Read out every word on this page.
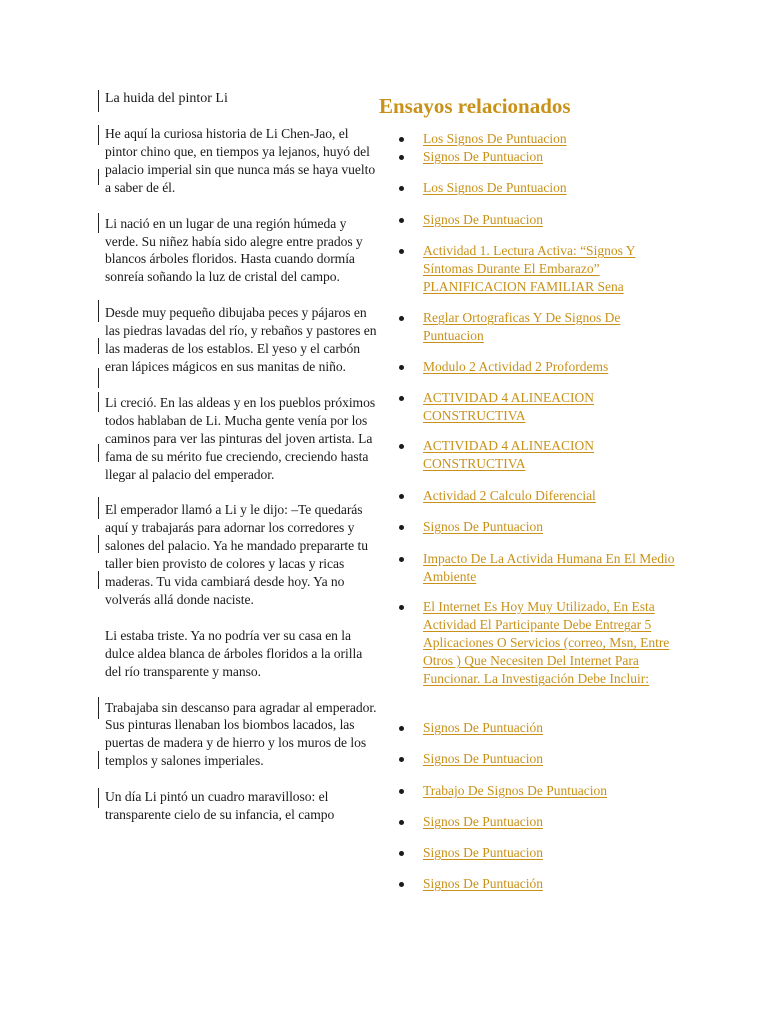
La huida del pintor Li

He aquí la curiosa historia de Li Chen-Jao, el pintor chino que, en tiempos ya lejanos, huyó del palacio imperial sin que nunca más se haya vuelto a saber de él.

Li nació en un lugar de una región húmeda y verde. Su niñez había sido alegre entre prados y blancos árboles floridos. Hasta cuando dormía sonreía soñando la luz de cristal del campo.

Desde muy pequeño dibujaba peces y pájaros en las piedras lavadas del río, y rebaños y pastores en las maderas de los establos. El yeso y el carbón eran lápices mágicos en sus manitas de niño.

Li creció. En las aldeas y en los pueblos próximos todos hablaban de Li. Mucha gente venía por los caminos para ver las pinturas del joven artista. La fama de su mérito fue creciendo, creciendo hasta llegar al palacio del emperador.

El emperador llamó a Li y le dijo: –Te quedarás aquí y trabajarás para adornar los corredores y salones del palacio. Ya he mandado prepararte tu taller bien provisto de colores y lacas y ricas maderas. Tu vida cambiará desde hoy. Ya no volverás allá donde naciste.

Li estaba triste. Ya no podría ver su casa en la dulce aldea blanca de árboles floridos a la orilla del río transparente y manso.

Trabajaba sin descanso para agradar al emperador. Sus pinturas llenaban los biombos lacados, las puertas de madera y de hierro y los muros de los templos y salones imperiales.

Un día Li pintó un cuadro maravilloso: el transparente cielo de su infancia, el campo

Ensayos relacionados
Los Signos De Puntuacion
Signos De Puntuacion
Los Signos De Puntuacion
Signos De Puntuacion
Actividad 1. Lectura Activa: “Signos Y Síntomas Durante El Embarazo” PLANIFICACION FAMILIAR Sena
Reglar Ortograficas Y De Signos De Puntuacion
Modulo 2 Actividad 2 Profordems
ACTIVIDAD 4 ALINEACION CONSTRUCTIVA
ACTIVIDAD 4 ALINEACION CONSTRUCTIVA
Actividad 2 Calculo Diferencial
Signos De Puntuacion
Impacto De La Activida Humana En El Medio Ambiente
El Internet Es Hoy Muy Utilizado, En Esta Actividad El Participante Debe Entregar 5 Aplicaciones O Servicios (correo, Msn, Entre Otros ) Que Necesiten Del Internet Para Funcionar. La Investigación Debe Incluir:
Signos De Puntuación
Signos De Puntuacion
Trabajo De Signos De Puntuacion
Signos De Puntuacion
Signos De Puntuacion
Signos De Puntuación
